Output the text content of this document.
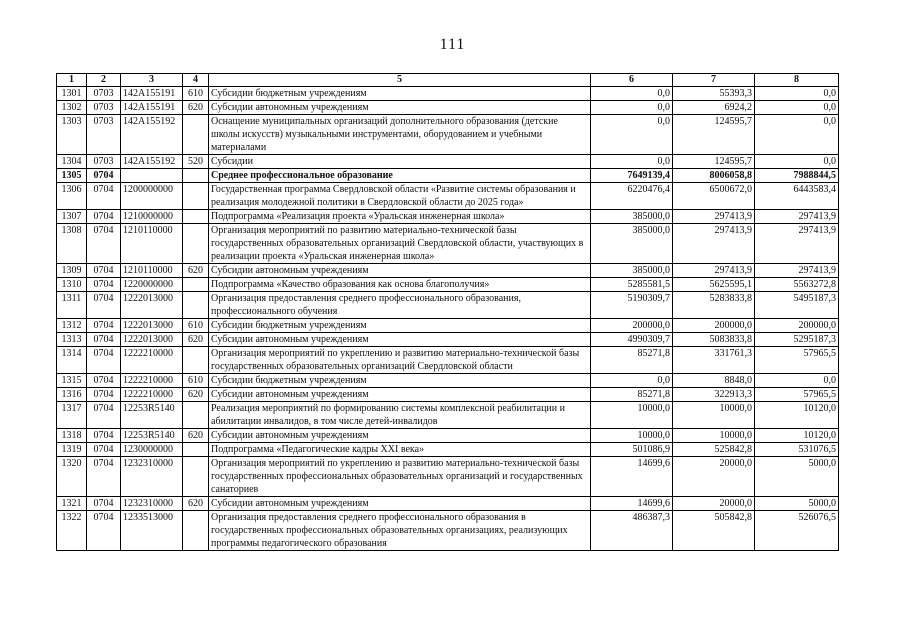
111
1	2	3	4	5	6	7	8
1301	0703	142A155191	610	Субсидии бюджетным учреждениям	0,0	55393,3	0,0
1302	0703	142A155191	620	Субсидии автономным учреждениям	0,0	6924,2	0,0
1303	0703	142A155192		Оснащение муниципальных организаций дополнительного образования (детские школы искусств) музыкальными инструментами, оборудованием и учебными материалами	0,0	124595,7	0,0
1304	0703	142A155192	520	Субсидии	0,0	124595,7	0,0
1305	0704			Среднее профессиональное образование	7649139,4	8006058,8	7988844,5
1306	0704	1200000000		Государственная программа Свердловской области «Развитие системы образования и реализация молодежной политики в Свердловской области до 2025 года»	6220476,4	6500672,0	6443583,4
1307	0704	1210000000		Подпрограмма «Реализация проекта «Уральская инженерная школа»	385000,0	297413,9	297413,9
1308	0704	1210110000		Организация мероприятий по развитию материально-технической базы государственных образовательных организаций Свердловской области, участвующих в реализации проекта «Уральская инженерная школа»	385000,0	297413,9	297413,9
1309	0704	1210110000	620	Субсидии автономным учреждениям	385000,0	297413,9	297413,9
1310	0704	1220000000		Подпрограмма «Качество образования как основа благополучия»	5285581,5	5625595,1	5563272,8
1311	0704	1222013000		Организация предоставления среднего профессионального образования, профессионального обучения	5190309,7	5283833,8	5495187,3
1312	0704	1222013000	610	Субсидии бюджетным учреждениям	200000,0	200000,0	200000,0
1313	0704	1222013000	620	Субсидии автономным учреждениям	4990309,7	5083833,8	5295187,3
1314	0704	1222210000		Организация мероприятий по укреплению и развитию материально-технической базы государственных образовательных организаций Свердловской области	85271,8	331761,3	57965,5
1315	0704	1222210000	610	Субсидии бюджетным учреждениям	0,0	8848,0	0,0
1316	0704	1222210000	620	Субсидии автономным учреждениям	85271,8	322913,3	57965,5
1317	0704	12253R5140		Реализация мероприятий по формированию системы комплексной реабилитации и абилитации инвалидов, в том числе детей-инвалидов	10000,0	10000,0	10120,0
1318	0704	12253R5140	620	Субсидии автономным учреждениям	10000,0	10000,0	10120,0
1319	0704	1230000000		Подпрограмма «Педагогические кадры XXI века»	501086,9	525842,8	531076,5
1320	0704	1232310000		Организация мероприятий по укреплению и развитию материально-технической базы государственных профессиональных образовательных организаций и государственных санаториев	14699,6	20000,0	5000,0
1321	0704	1232310000	620	Субсидии автономным учреждениям	14699,6	20000,0	5000,0
1322	0704	1233513000		Организация предоставления среднего профессионального образования в государственных профессиональных образовательных организациях, реализующих программы педагогического образования	486387,3	505842,8	526076,5
